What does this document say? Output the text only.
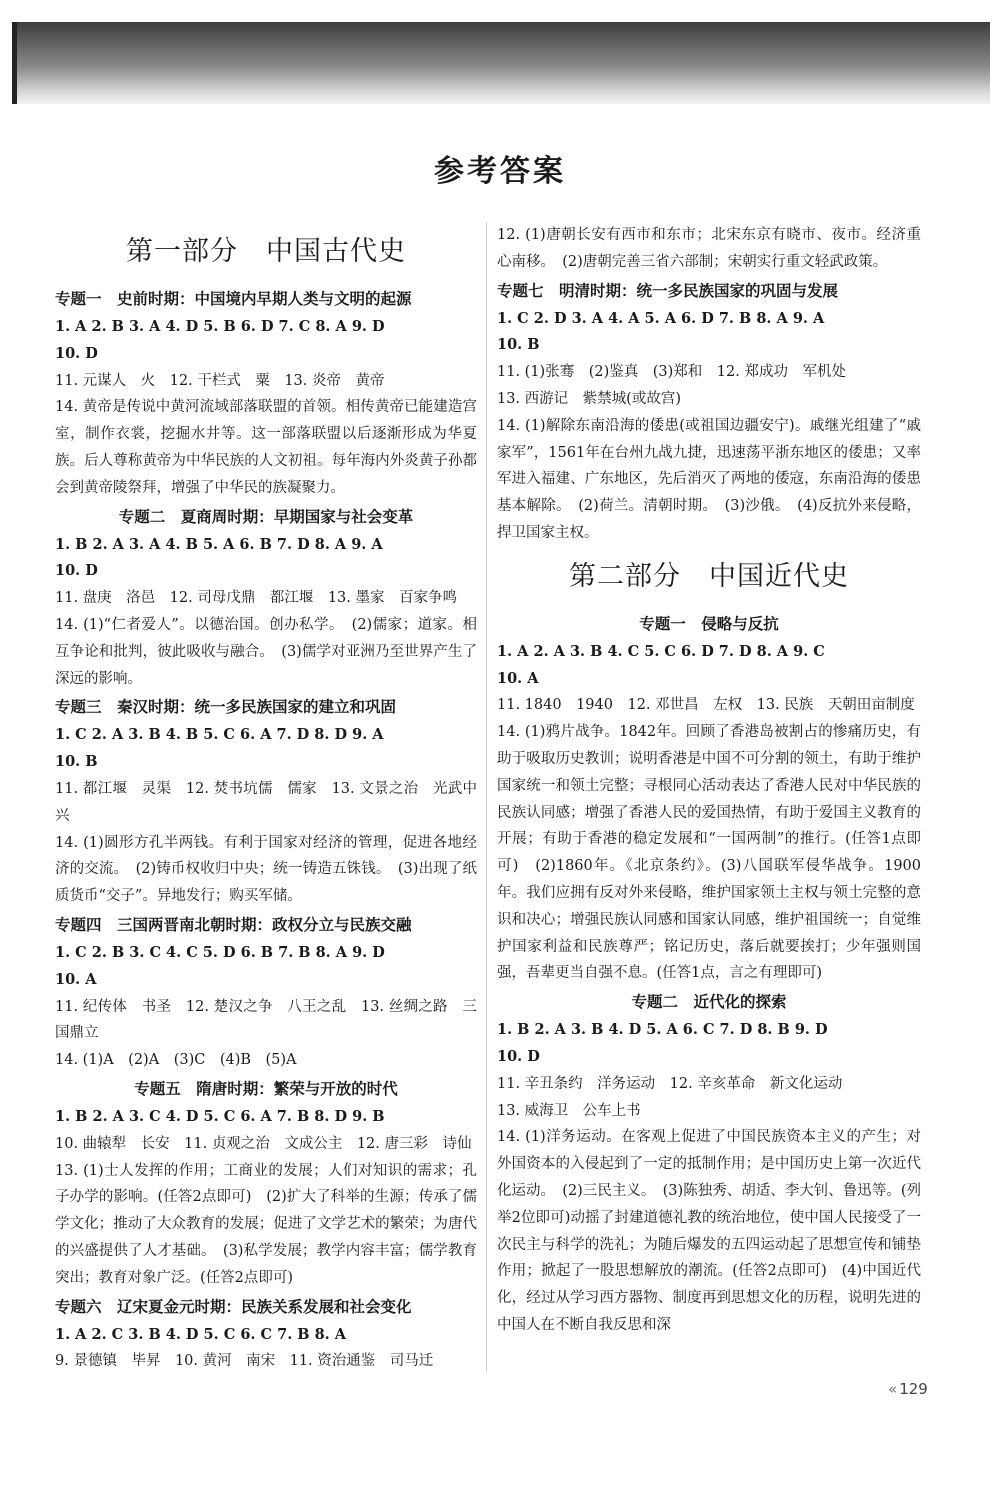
参考答案
第一部分　中国古代史
专题一　史前时期：中国境内早期人类与文明的起源
1. A 2. B 3. A 4. D 5. B 6. D 7. C 8. A 9. D
10. D
11. 元谋人　火　12. 干栏式　粟　13. 炎帝　黄帝
14. 黄帝是传说中黄河流域部落联盟的首领。相传黄帝已能建造宫室，制作衣裳，挖掘水井等。这一部落联盟以后逐渐形成为华夏族。后人尊称黄帝为中华民族的人文初祖。每年海内外炎黄子孙都会到黄帝陵祭拜，增强了中华民的族凝聚力。
专题二　夏商周时期：早期国家与社会变革
1. B 2. A 3. A 4. B 5. A 6. B 7. D 8. A 9. A
10. D
11. 盘庚　洛邑　12. 司母戊鼎　都江堰　13. 墨家　百家争鸣
14. (1)“仁者爱人”。以德治国。创办私学。　(2)儒家；道家。相互争论和批判，彼此吸收与融合。　(3)儒学对亚洲乃至世界产生了深远的影响。
专题三　秦汉时期：统一多民族国家的建立和巩固
1. C 2. A 3. B 4. B 5. C 6. A 7. D 8. D 9. A
10. B
11. 都江堰　灵渠　12. 焚书坑儒　儒家　13. 文景之治　光武中兴
14. (1)圆形方孔半两钱。有利于国家对经济的管理，促进各地经济的交流。　(2)铸币权收归中央；统一铸造五铢钱。　(3)出现了纸质货币“交子”。异地发行；购买军储。
专题四　三国两晋南北朝时期：政权分立与民族交融
1. C 2. B 3. C 4. C 5. D 6. B 7. B 8. A 9. D
10. A
11. 纪传体　书圣　12. 楚汉之争　八王之乱　13. 丝绸之路　三国鼎立
14. (1)A　(2)A　(3)C　(4)B　(5)A
专题五　隋唐时期：繁荣与开放的时代
1. B 2. A 3. C 4. D 5. C 6. A 7. B 8. D 9. B
10. 曲辕犁　长安　11. 贞观之治　文成公主　12. 唐三彩　诗仙
13. (1)士人发挥的作用；工商业的发展；人们对知识的需求；孔子办学的影响。(任答2点即可)　(2)扩大了科举的生源；传承了儒学文化；推动了大众教育的发展；促进了文学艺术的繁荣；为唐代的兴盛提供了人才基础。　(3)私学发展；教学内容丰富；儒学教育突出；教育对象广泛。(任答2点即可)
专题六　辽宋夏金元时期：民族关系发展和社会变化
1. A 2. C 3. B 4. D 5. C 6. C 7. B 8. A
9. 景德镇　毕昇　10. 黄河　南宋　11. 资治通鉴　司马迁
12. (1)唐朝长安有西市和东市；北宋东京有晓市、夜市。经济重心南移。　(2)唐朝完善三省六部制；宋朝实行重文轻武政策。
专题七　明清时期：统一多民族国家的巩固与发展
1. C 2. D 3. A 4. A 5. A 6. D 7. B 8. A 9. A
10. B
11. (1)张骞　(2)鉴真　(3)郑和　12. 郑成功　军机处
13. 西游记　紫禁城(或故宫)
14. (1)解除东南沿海的倭患(或祖国边疆安宁)。戚继光组建了“戚家军”，1561年在台州九战九捷，迅速荡平浙东地区的倭患；又率军进入福建、广东地区，先后消灭了两地的倭寇，东南沿海的倭患基本解除。　(2)荷兰。清朝时期。　(3)沙俄。　(4)反抗外来侵略，捍卫国家主权。
第二部分　中国近代史
专题一　侵略与反抗
1. A 2. A 3. B 4. C 5. C 6. D 7. D 8. A 9. C
10. A
11. 1840　1940　12. 邓世昌　左权　13. 民族　天朝田亩制度
14. (1)鸦片战争。1842年。回顾了香港岛被割占的惨痛历史，有助于吸取历史教训；说明香港是中国不可分割的领土，有助于维护国家统一和领土完整；寻根同心活动表达了香港人民对中华民族的民族认同感；增强了香港人民的爱国热情，有助于爱国主义教育的开展；有助于香港的稳定发展和“一国两制”的推行。(任答1点即可)　(2)1860年。《北京条约》。(3)八国联军侵华战争。1900年。我们应拥有反对外来侵略，维护国家领土主权与领土完整的意识和决心；增强民族认同感和国家认同感，维护祖国统一；自觉维护国家利益和民族尊严；铭记历史，落后就要挨打；少年强则国强，吾辈更当自强不息。(任答1点，言之有理即可)
专题二　近代化的探索
1. B 2. A 3. B 4. D 5. A 6. C 7. D 8. B 9. D
10. D
11. 辛丑条约　洋务运动　12. 辛亥革命　新文化运动
13. 威海卫　公车上书
14. (1)洋务运动。在客观上促进了中国民族资本主义的产生；对外国资本的入侵起到了一定的抵制作用；是中国历史上第一次近代化运动。　(2)三民主义。　(3)陈独秀、胡适、李大钊、鲁迅等。(列举2位即可)动摇了封建道德礼教的统治地位，使中国人民接受了一次民主与科学的洗礼；为随后爆发的五四运动起了思想宣传和铺垫作用；掀起了一股思想解放的潮流。(任答2点即可)　(4)中国近代化，经过从学习西方器物、制度再到思想文化的历程，说明先进的中国人在不断自我反思和深
« 129
